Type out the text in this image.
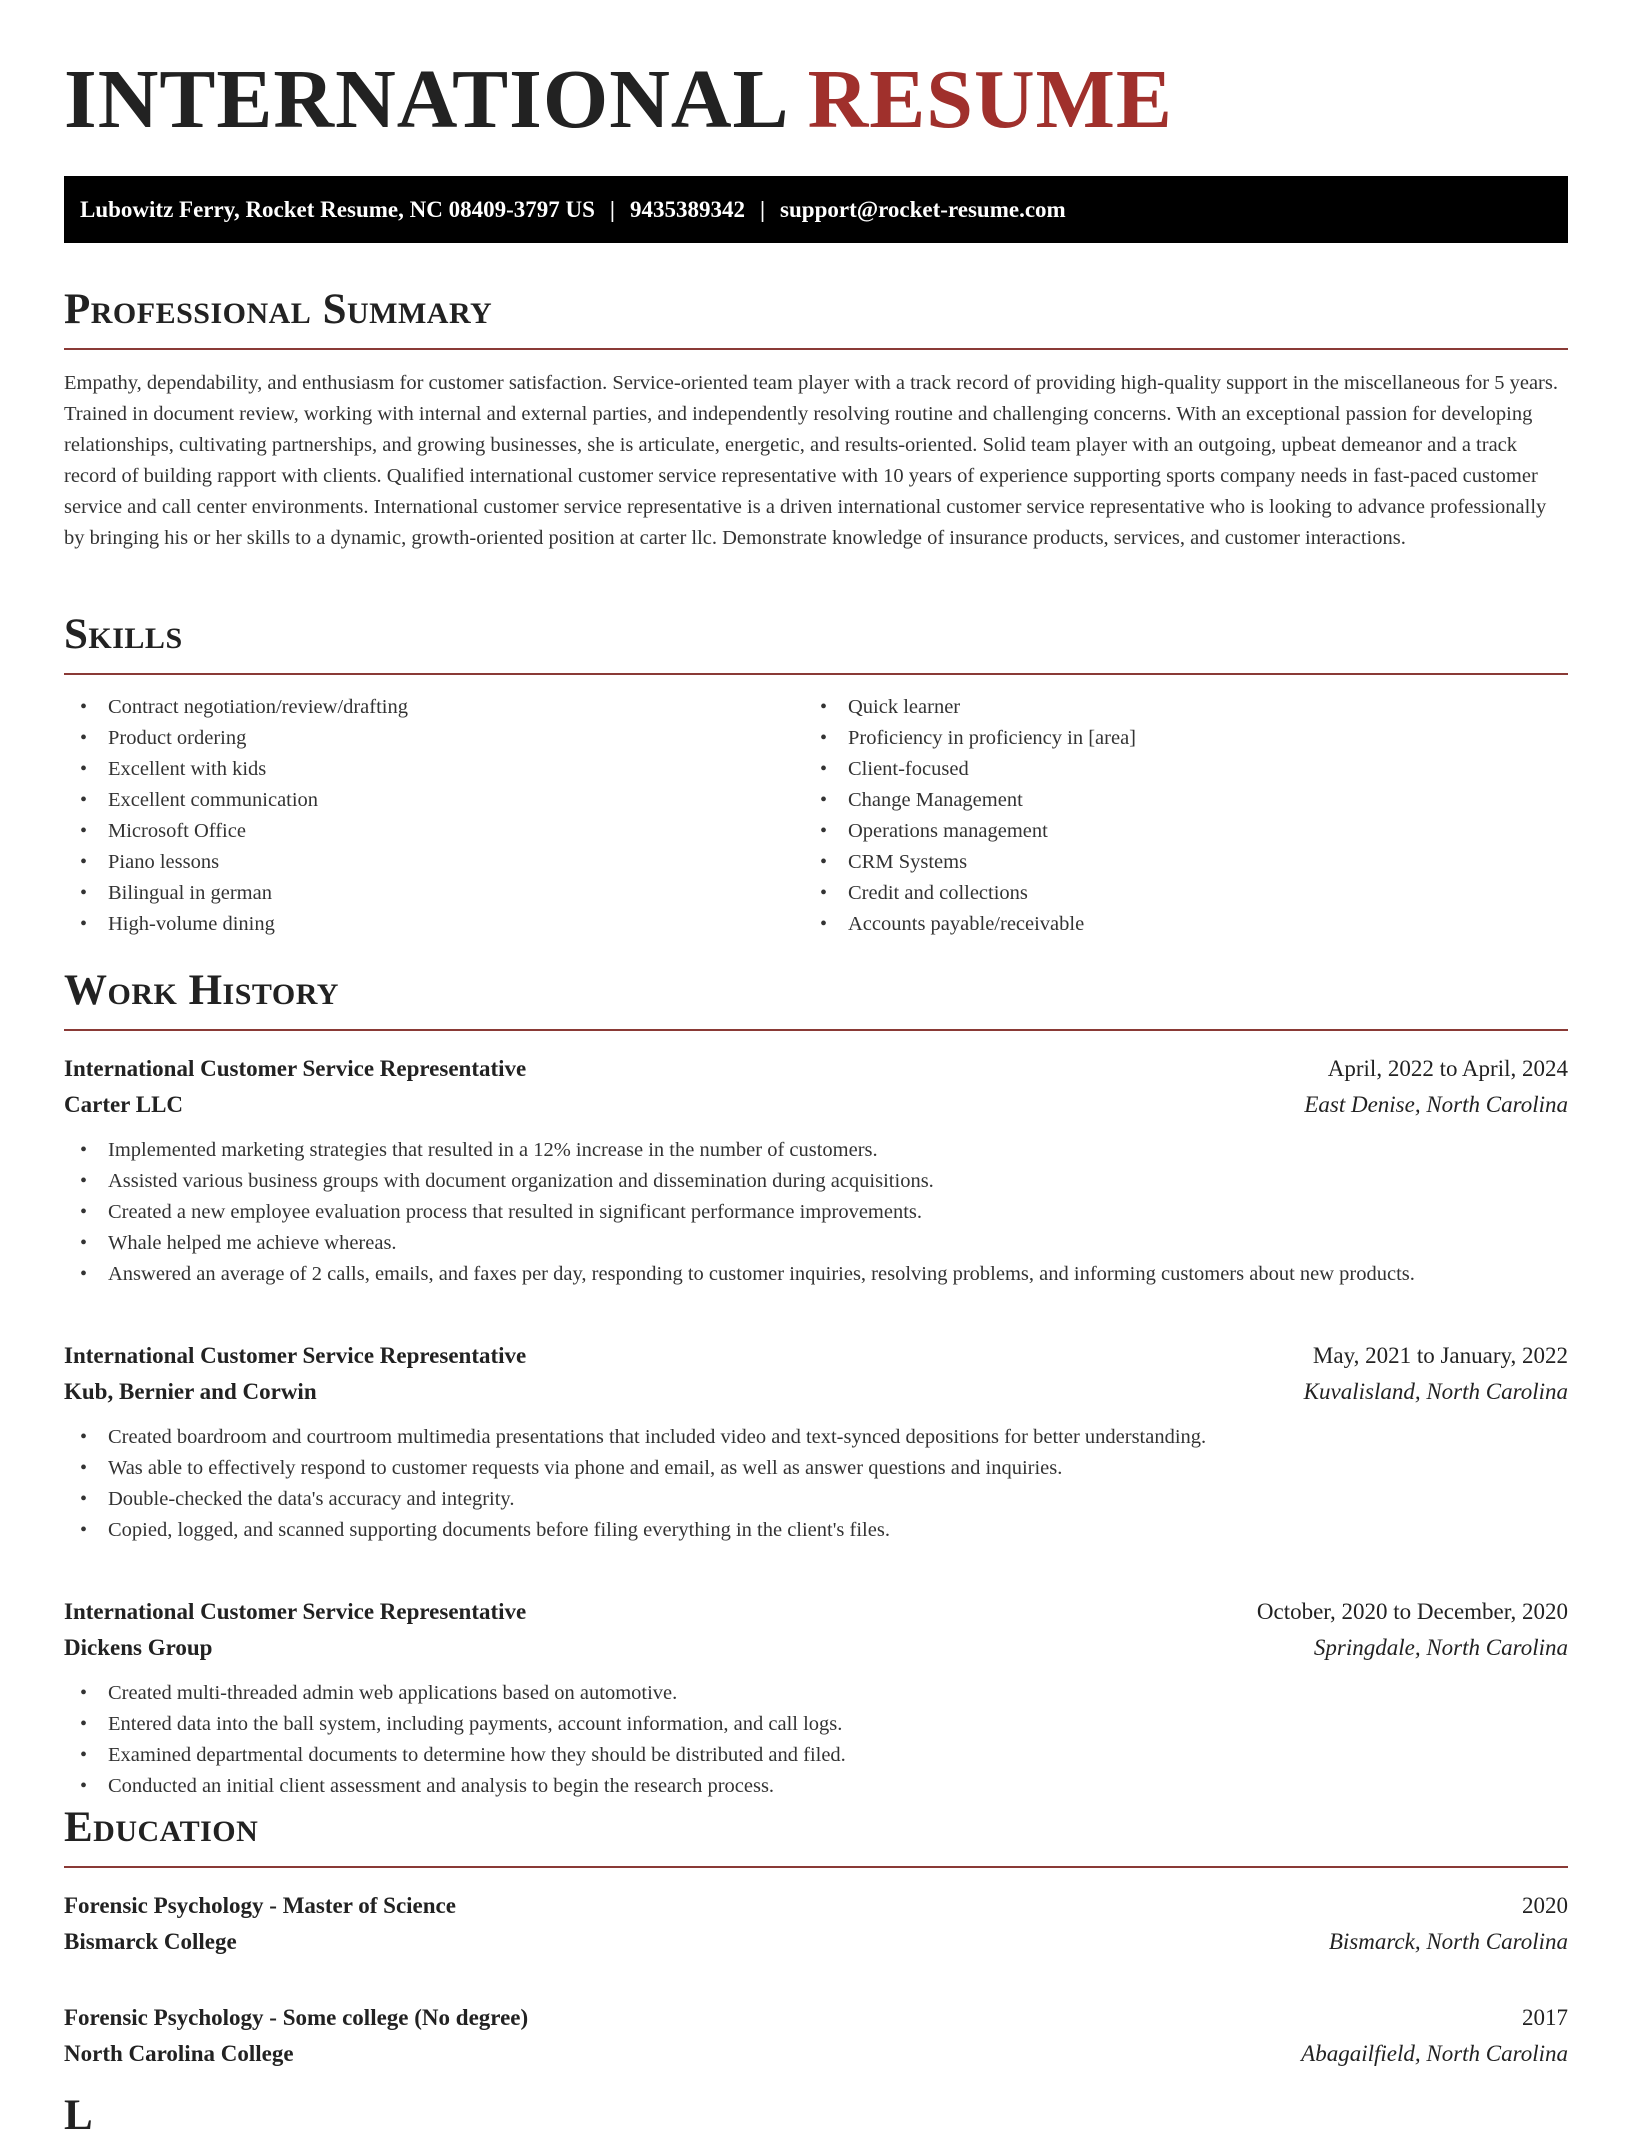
INTERNATIONAL RESUME
Lubowitz Ferry, Rocket Resume, NC 08409-3797 US | 9435389342 | support@rocket-resume.com
Professional Summary

Empathy, dependability, and enthusiasm for customer satisfaction. Service-oriented team player with a track record of providing high-quality support in the miscellaneous for 5 years. Trained in document review, working with internal and external parties, and independently resolving routine and challenging concerns. With an exceptional passion for developing relationships, cultivating partnerships, and growing businesses, she is articulate, energetic, and results-oriented. Solid team player with an outgoing, upbeat demeanor and a track record of building rapport with clients. Qualified international customer service representative with 10 years of experience supporting sports company needs in fast-paced customer service and call center environments. International customer service representative is a driven international customer service representative who is looking to advance professionally by bringing his or her skills to a dynamic, growth-oriented position at carter llc. Demonstrate knowledge of insurance products, services, and customer interactions.

Skills
• Contract negotiation/review/drafting
• Product ordering
• Excellent with kids
• Excellent communication
• Microsoft Office
• Piano lessons
• Bilingual in german
• High-volume dining
• Quick learner
• Proficiency in proficiency in [area]
• Client-focused
• Change Management
• Operations management
• CRM Systems
• Credit and collections
• Accounts payable/receivable
Work History
International Customer Service Representative	April, 2022 to April, 2024
Carter LLC	East Denise, North Carolina
• Implemented marketing strategies that resulted in a 12% increase in the number of customers.
• Assisted various business groups with document organization and dissemination during acquisitions.
• Created a new employee evaluation process that resulted in significant performance improvements.
• Whale helped me achieve whereas.
• Answered an average of 2 calls, emails, and faxes per day, responding to customer inquiries, resolving problems, and informing customers about new products.
International Customer Service Representative	May, 2021 to January, 2022
Kub, Bernier and Corwin	Kuvalisland, North Carolina
• Created boardroom and courtroom multimedia presentations that included video and text-synced depositions for better understanding.
• Was able to effectively respond to customer requests via phone and email, as well as answer questions and inquiries.
• Double-checked the data's accuracy and integrity.
• Copied, logged, and scanned supporting documents before filing everything in the client's files.
International Customer Service Representative	October, 2020 to December, 2020
Dickens Group	Springdale, North Carolina
• Created multi-threaded admin web applications based on automotive.
• Entered data into the ball system, including payments, account information, and call logs.
• Examined departmental documents to determine how they should be distributed and filed.
• Conducted an initial client assessment and analysis to begin the research process.
Education
Forensic Psychology - Master of Science	2020
Bismarck College	Bismarck, North Carolina
Forensic Psychology - Some college (No degree)	2017
North Carolina College	Abagailfield, North Carolina
L
